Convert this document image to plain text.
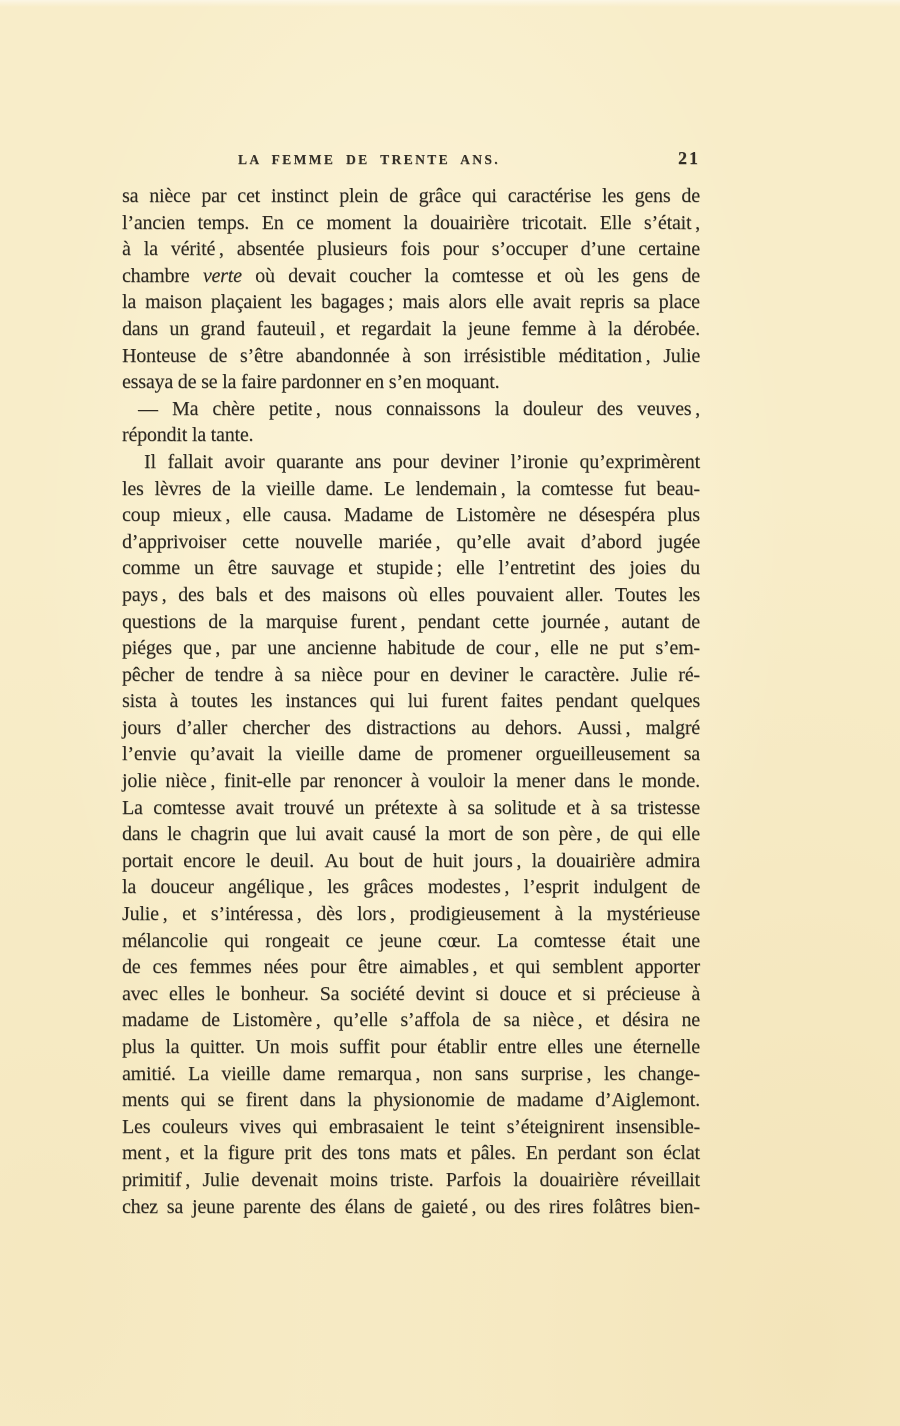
LA FEMME DE TRENTE ANS.	21
sa nièce par cet instinct plein de grâce qui caractérise les gens de
l’ancien temps. En ce moment la douairière tricotait. Elle s’était ,
à la vérité , absentée plusieurs fois pour s’occuper d’une certaine
chambre verte où devait coucher la comtesse et où les gens de
la maison plaçaient les bagages ; mais alors elle avait repris sa place
dans un grand fauteuil , et regardait la jeune femme à la dérobée.
Honteuse de s’être abandonnée à son irrésistible méditation , Julie
essaya de se la faire pardonner en s’en moquant.
— Ma chère petite , nous connaissons la douleur des veuves ,
répondit la tante.
Il fallait avoir quarante ans pour deviner l’ironie qu’exprimèrent
les lèvres de la vieille dame. Le lendemain , la comtesse fut beau-
coup mieux , elle causa. Madame de Listomère ne désespéra plus
d’apprivoiser cette nouvelle mariée , qu’elle avait d’abord jugée
comme un être sauvage et stupide ; elle l’entretint des joies du
pays , des bals et des maisons où elles pouvaient aller. Toutes les
questions de la marquise furent , pendant cette journée , autant de
piéges que , par une ancienne habitude de cour , elle ne put s’em-
pêcher de tendre à sa nièce pour en deviner le caractère. Julie ré-
sista à toutes les instances qui lui furent faites pendant quelques
jours d’aller chercher des distractions au dehors. Aussi , malgré
l’envie qu’avait la vieille dame de promener orgueilleusement sa
jolie nièce , finit-elle par renoncer à vouloir la mener dans le monde.
La comtesse avait trouvé un prétexte à sa solitude et à sa tristesse
dans le chagrin que lui avait causé la mort de son père , de qui elle
portait encore le deuil. Au bout de huit jours , la douairière admira
la douceur angélique , les grâces modestes , l’esprit indulgent de
Julie , et s’intéressa , dès lors , prodigieusement à la mystérieuse
mélancolie qui rongeait ce jeune cœur. La comtesse était une
de ces femmes nées pour être aimables , et qui semblent apporter
avec elles le bonheur. Sa société devint si douce et si précieuse à
madame de Listomère , qu’elle s’affola de sa nièce , et désira ne
plus la quitter. Un mois suffit pour établir entre elles une éternelle
amitié. La vieille dame remarqua , non sans surprise , les change-
ments qui se firent dans la physionomie de madame d’Aiglemont.
Les couleurs vives qui embrasaient le teint s’éteignirent insensible-
ment , et la figure prit des tons mats et pâles. En perdant son éclat
primitif , Julie devenait moins triste. Parfois la douairière réveillait
chez sa jeune parente des élans de gaieté , ou des rires folâtres bien-
